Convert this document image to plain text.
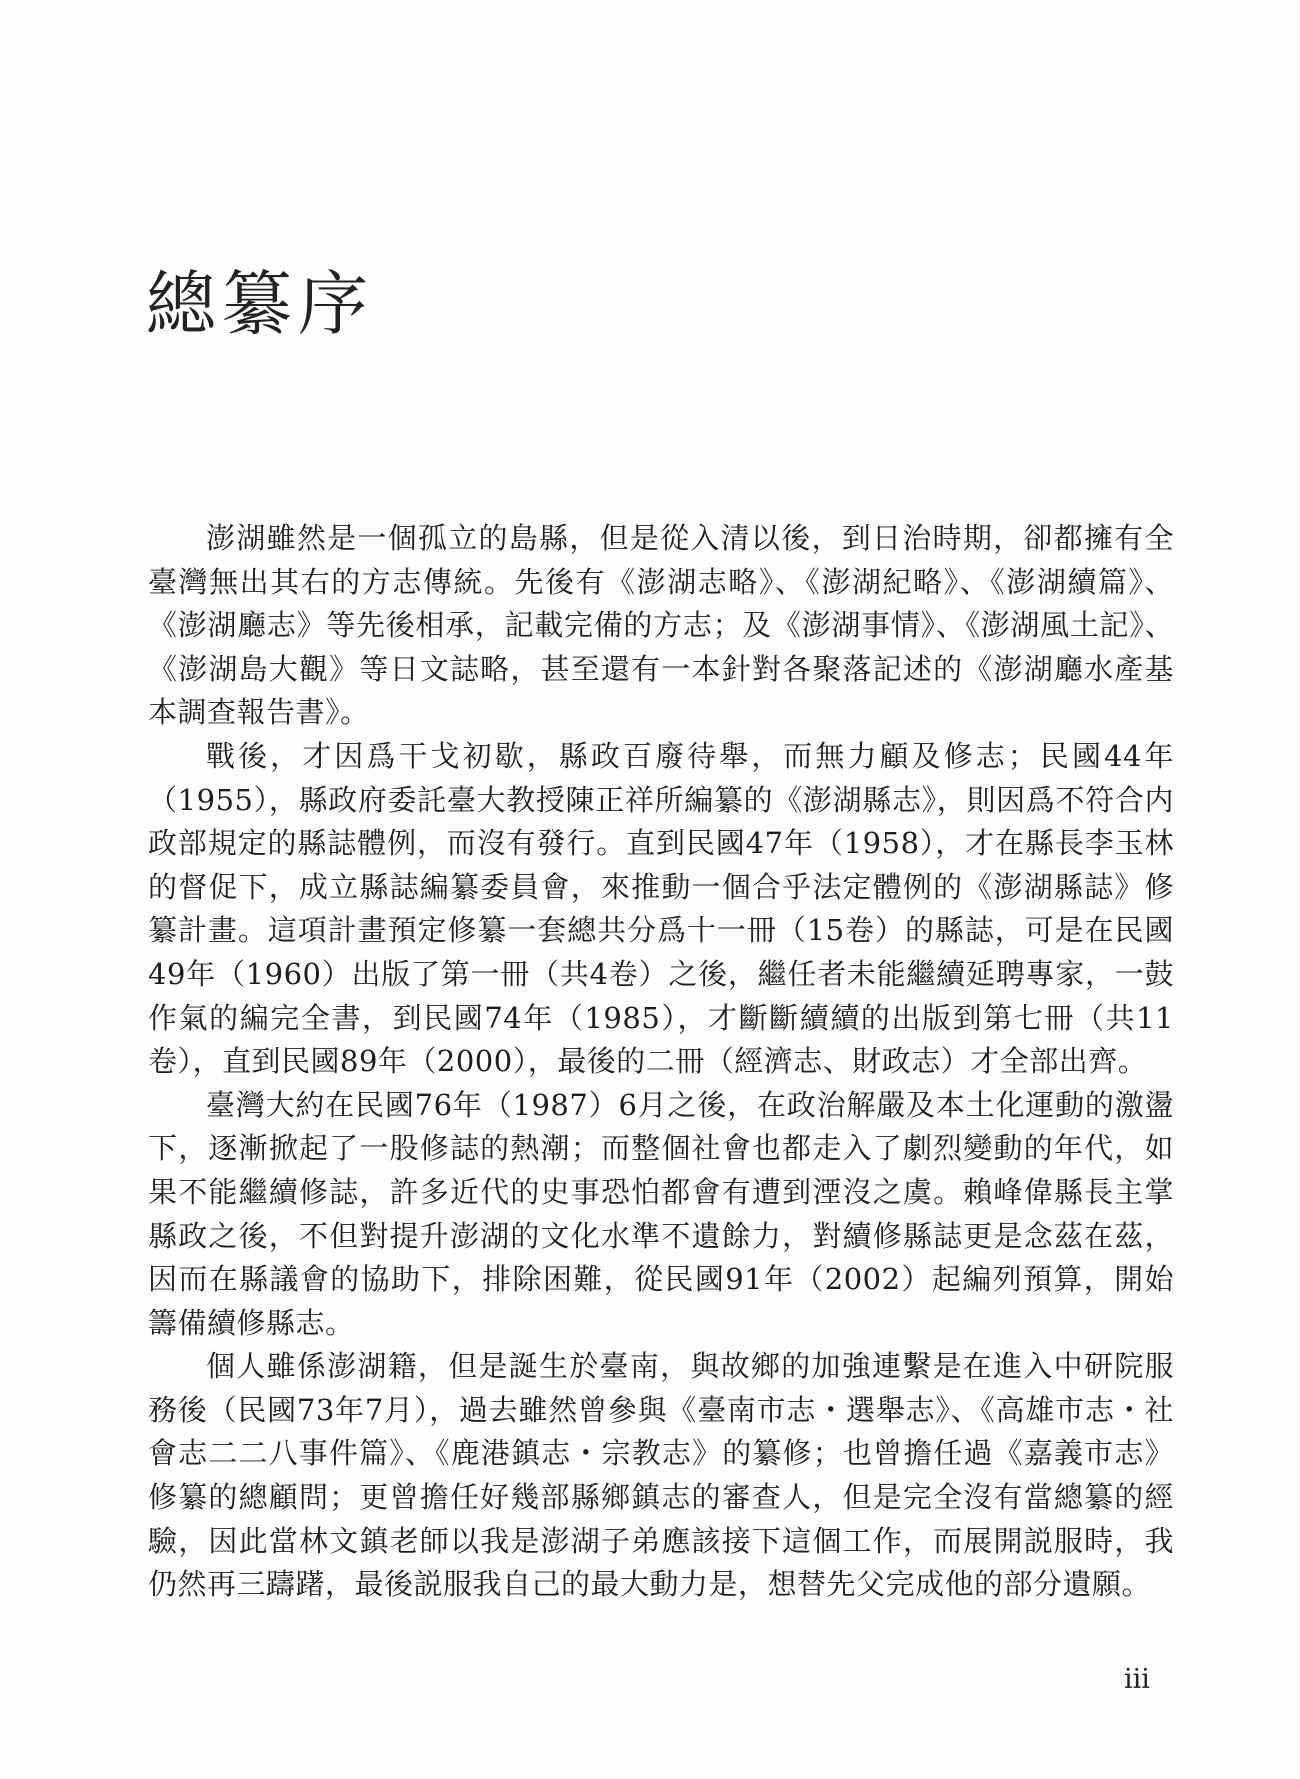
總纂序

澎湖雖然是一個孤立的島縣，但是從入清以後，到日治時期，卻都擁有全臺灣無出其右的方志傳統。先後有《澎湖志略》、《澎湖紀略》、《澎湖續篇》、《澎湖廳志》等先後相承，記載完備的方志；及《澎湖事情》、《澎湖風土記》、《澎湖島大觀》等日文誌略，甚至還有一本針對各聚落記述的《澎湖廳水產基本調查報告書》。

戰後，才因爲干戈初歇，縣政百廢待舉，而無力顧及修志；民國44年（1955），縣政府委託臺大教授陳正祥所編纂的《澎湖縣志》，則因爲不符合内政部規定的縣誌體例，而沒有發行。直到民國47年（1958），才在縣長李玉林的督促下，成立縣誌編纂委員會，來推動一個合乎法定體例的《澎湖縣誌》修纂計畫。這項計畫預定修纂一套總共分爲十一冊（15卷）的縣誌，可是在民國49年（1960）出版了第一冊（共4卷）之後，繼任者未能繼續延聘專家，一鼓作氣的編完全書，到民國74年（1985），才斷斷續續的出版到第七冊（共11卷），直到民國89年（2000），最後的二冊（經濟志、財政志）才全部出齊。

臺灣大約在民國76年（1987）6月之後，在政治解嚴及本土化運動的激盪下，逐漸掀起了一股修誌的熱潮；而整個社會也都走入了劇烈變動的年代，如果不能繼續修誌，許多近代的史事恐怕都會有遭到湮沒之虞。賴峰偉縣長主掌縣政之後，不但對提升澎湖的文化水準不遺餘力，對續修縣誌更是念茲在茲，因而在縣議會的協助下，排除困難，從民國91年（2002）起編列預算，開始籌備續修縣志。

個人雖係澎湖籍，但是誕生於臺南，與故鄉的加強連繫是在進入中研院服務後（民國73年7月），過去雖然曾參與《臺南市志・選舉志》、《高雄市志・社會志二二八事件篇》、《鹿港鎮志・宗教志》的纂修；也曾擔任過《嘉義市志》修纂的總顧問；更曾擔任好幾部縣鄉鎮志的審查人，但是完全沒有當總纂的經驗，因此當林文鎮老師以我是澎湖子弟應該接下這個工作，而展開説服時，我仍然再三躊躇，最後説服我自己的最大動力是，想替先父完成他的部分遺願。

iii
